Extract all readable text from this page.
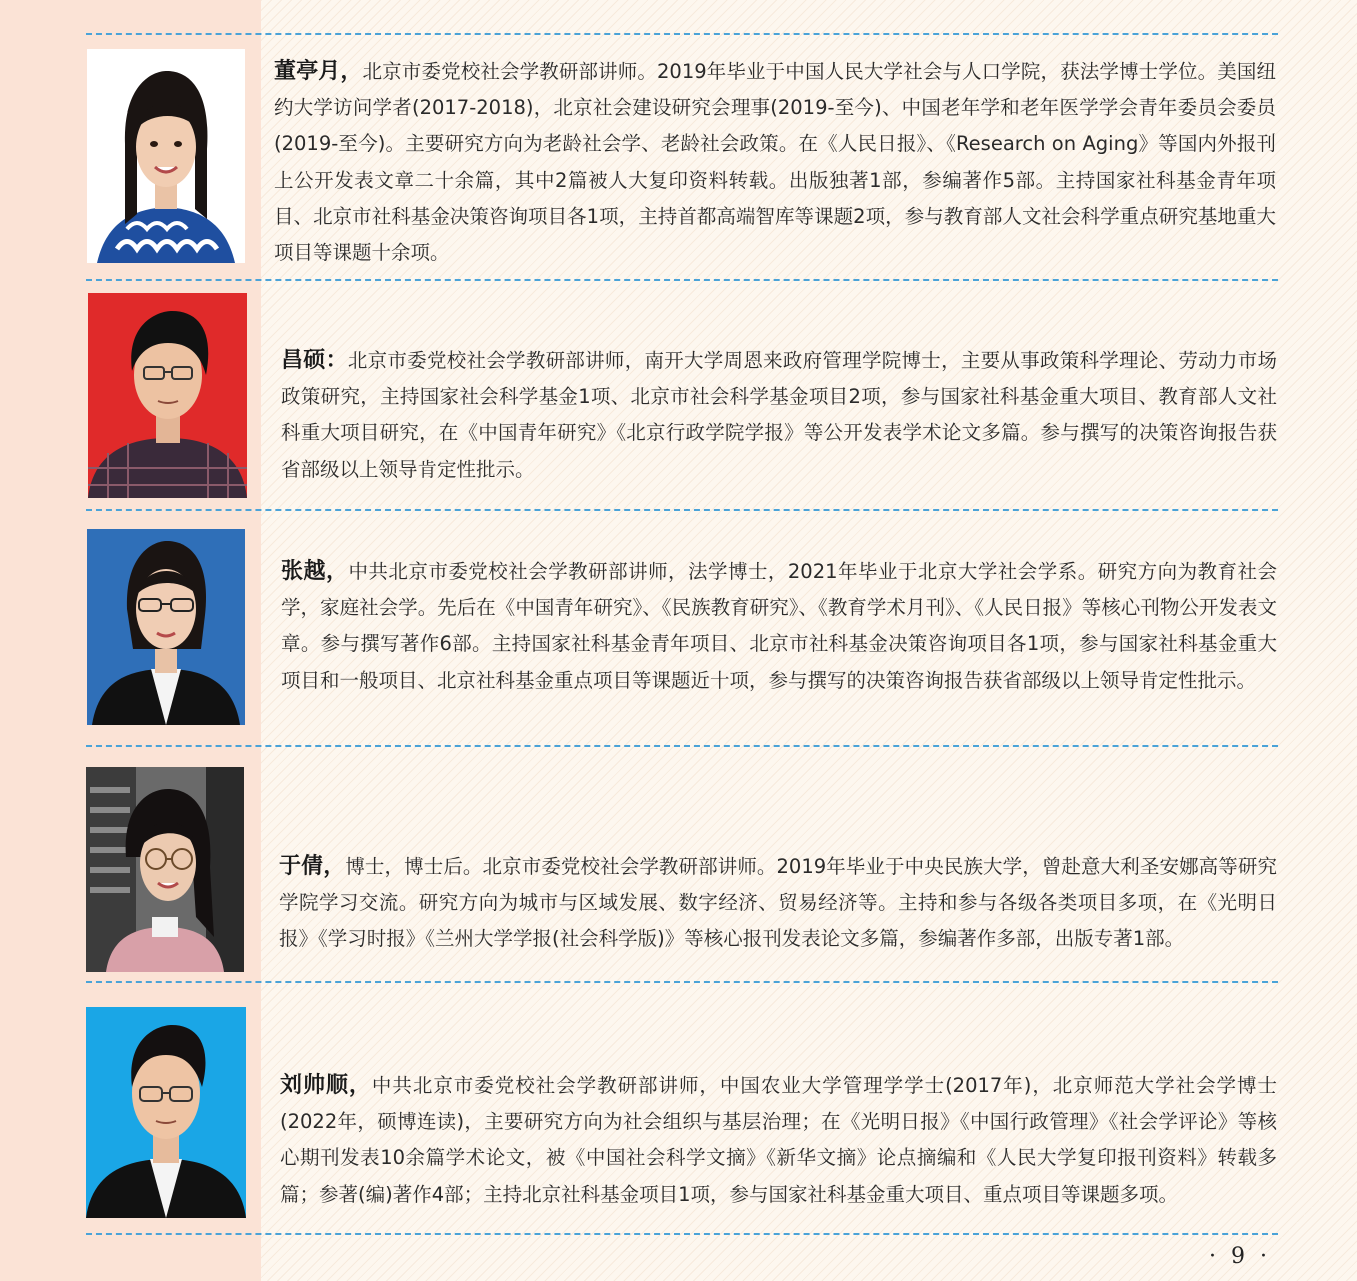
董亭月，北京市委党校社会学教研部讲师。2019年毕业于中国人民大学社会与人口学院，获法学博士学位。美国纽约大学访问学者(2017-2018)，北京社会建设研究会理事(2019-至今)、中国老年学和老年医学学会青年委员会委员(2019-至今)。主要研究方向为老龄社会学、老龄社会政策。在《人民日报》、《Research on Aging》等国内外报刊上公开发表文章二十余篇，其中2篇被人大复印资料转载。出版独著1部，参编著作5部。主持国家社科基金青年项目、北京市社科基金决策咨询项目各1项，主持首都高端智库等课题2项，参与教育部人文社会科学重点研究基地重大项目等课题十余项。
昌硕：北京市委党校社会学教研部讲师，南开大学周恩来政府管理学院博士，主要从事政策科学理论、劳动力市场政策研究，主持国家社会科学基金1项、北京市社会科学基金项目2项，参与国家社科基金重大项目、教育部人文社科重大项目研究，在《中国青年研究》《北京行政学院学报》等公开发表学术论文多篇。参与撰写的决策咨询报告获省部级以上领导肯定性批示。
张越，中共北京市委党校社会学教研部讲师，法学博士，2021年毕业于北京大学社会学系。研究方向为教育社会学，家庭社会学。先后在《中国青年研究》、《民族教育研究》、《教育学术月刊》、《人民日报》等核心刊物公开发表文章。参与撰写著作6部。主持国家社科基金青年项目、北京市社科基金决策咨询项目各1项，参与国家社科基金重大项目和一般项目、北京社科基金重点项目等课题近十项，参与撰写的决策咨询报告获省部级以上领导肯定性批示。
于倩，博士，博士后。北京市委党校社会学教研部讲师。2019年毕业于中央民族大学，曾赴意大利圣安娜高等研究学院学习交流。研究方向为城市与区域发展、数字经济、贸易经济等。主持和参与各级各类项目多项，在《光明日报》《学习时报》《兰州大学学报(社会科学版)》等核心报刊发表论文多篇，参编著作多部，出版专著1部。
刘帅顺，中共北京市委党校社会学教研部讲师，中国农业大学管理学学士(2017年)，北京师范大学社会学博士(2022年，硕博连读)，主要研究方向为社会组织与基层治理；在《光明日报》《中国行政管理》《社会学评论》等核心期刊发表10余篇学术论文，被《中国社会科学文摘》《新华文摘》论点摘编和《人民大学复印报刊资料》转载多篇；参著(编)著作4部；主持北京社科基金项目1项，参与国家社科基金重大项目、重点项目等课题多项。
· 9 ·
